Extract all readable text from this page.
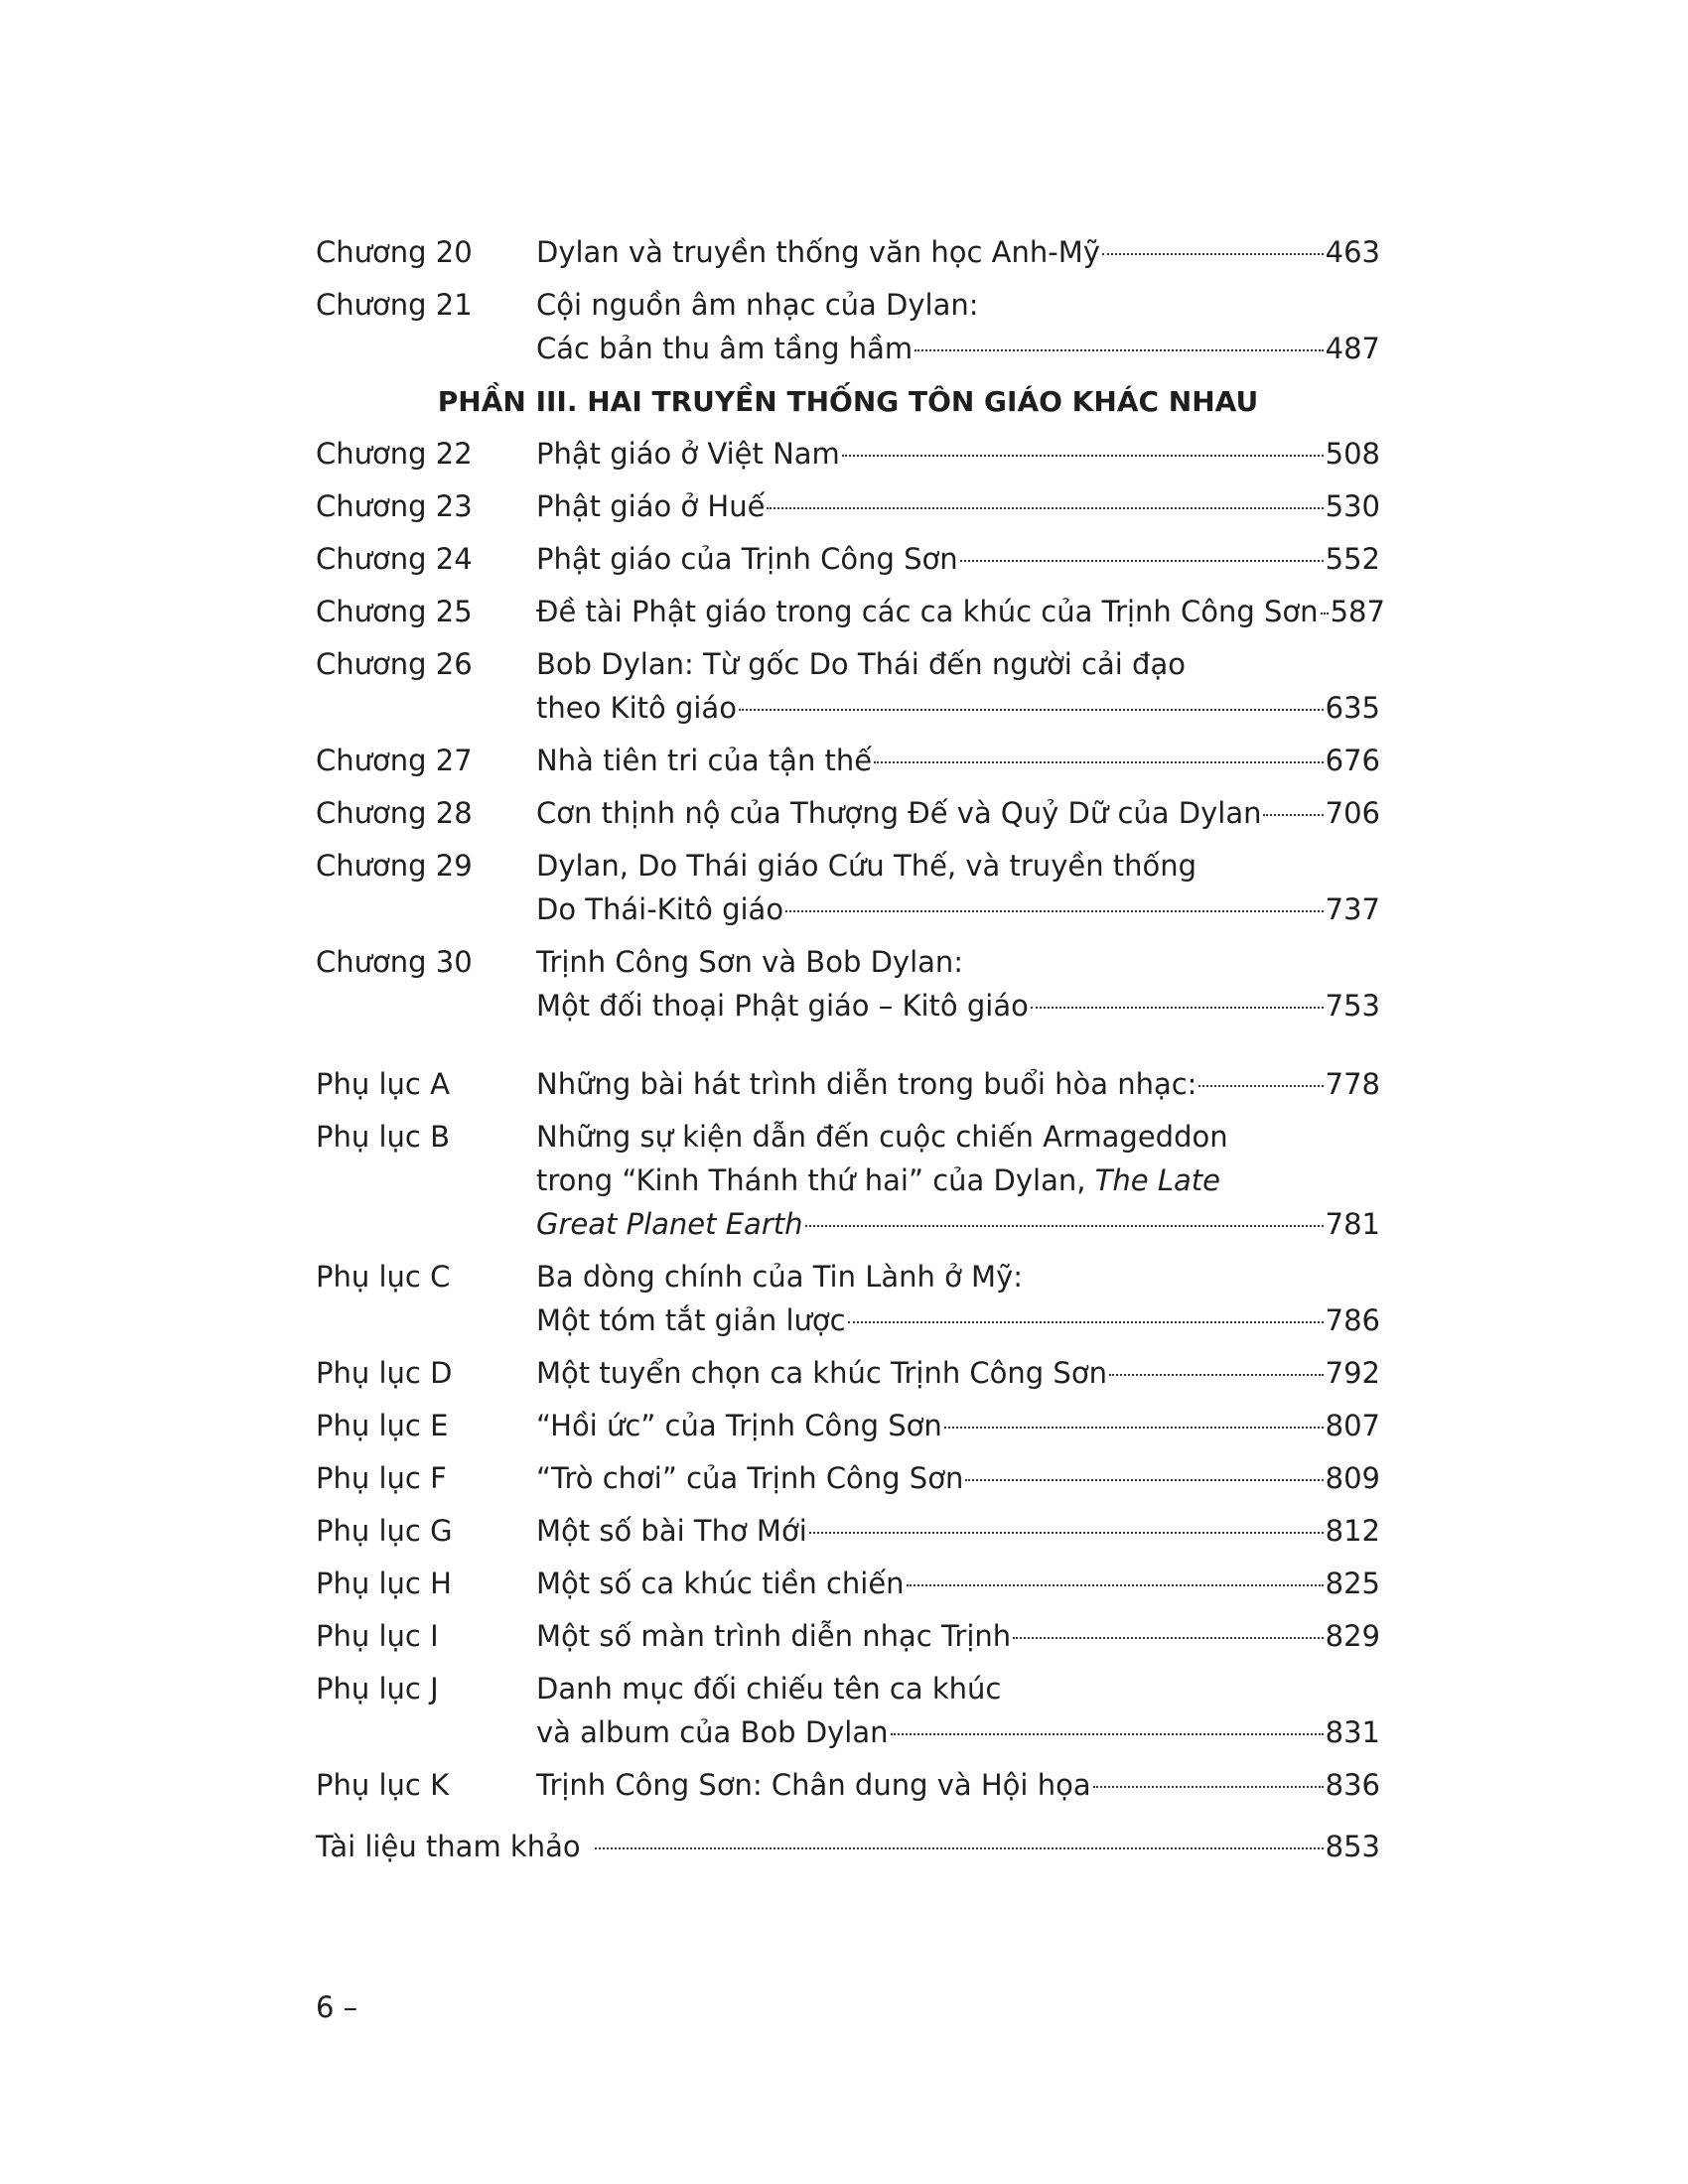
Chương 20	Dylan và truyền thống văn học Anh-Mỹ	463
Chương 21	Cội nguồn âm nhạc của Dylan:
Các bản thu âm tầng hầm	487
PHẦN III. HAI TRUYỀN THỐNG TÔN GIÁO KHÁC NHAU
Chương 22	Phật giáo ở Việt Nam	508
Chương 23	Phật giáo ở Huế	530
Chương 24	Phật giáo của Trịnh Công Sơn	552
Chương 25	Đề tài Phật giáo trong các ca khúc của Trịnh Công Sơn 587
Chương 26	Bob Dylan: Từ gốc Do Thái đến người cải đạo
theo Kitô giáo	635
Chương 27	Nhà tiên tri của tận thế	676
Chương 28	Cơn thịnh nộ của Thượng Đế và Quỷ Dữ của Dylan 706
Chương 29	Dylan, Do Thái giáo Cứu Thế, và truyền thống
Do Thái-Kitô giáo	737
Chương 30	Trịnh Công Sơn và Bob Dylan:
Một đối thoại Phật giáo – Kitô giáo	753
Phụ lục A	Những bài hát trình diễn trong buổi hòa nhạc:	778
Phụ lục B	Những sự kiện dẫn đến cuộc chiến Armageddon
trong “Kinh Thánh thứ hai” của Dylan, The Late
Great Planet Earth	781
Phụ lục C	Ba dòng chính của Tin Lành ở Mỹ:
Một tóm tắt giản lược	786
Phụ lục D	Một tuyển chọn ca khúc Trịnh Công Sơn	792
Phụ lục E	“Hồi ức” của Trịnh Công Sơn	807
Phụ lục F	“Trò chơi” của Trịnh Công Sơn	809
Phụ lục G	Một số bài Thơ Mới	812
Phụ lục H	Một số ca khúc tiền chiến	825
Phụ lục I	Một số màn trình diễn nhạc Trịnh	829
Phụ lục J	Danh mục đối chiếu tên ca khúc
và album của Bob Dylan	831
Phụ lục K	Trịnh Công Sơn: Chân dung và Hội họa	836
Tài liệu tham khảo	853
6 –
